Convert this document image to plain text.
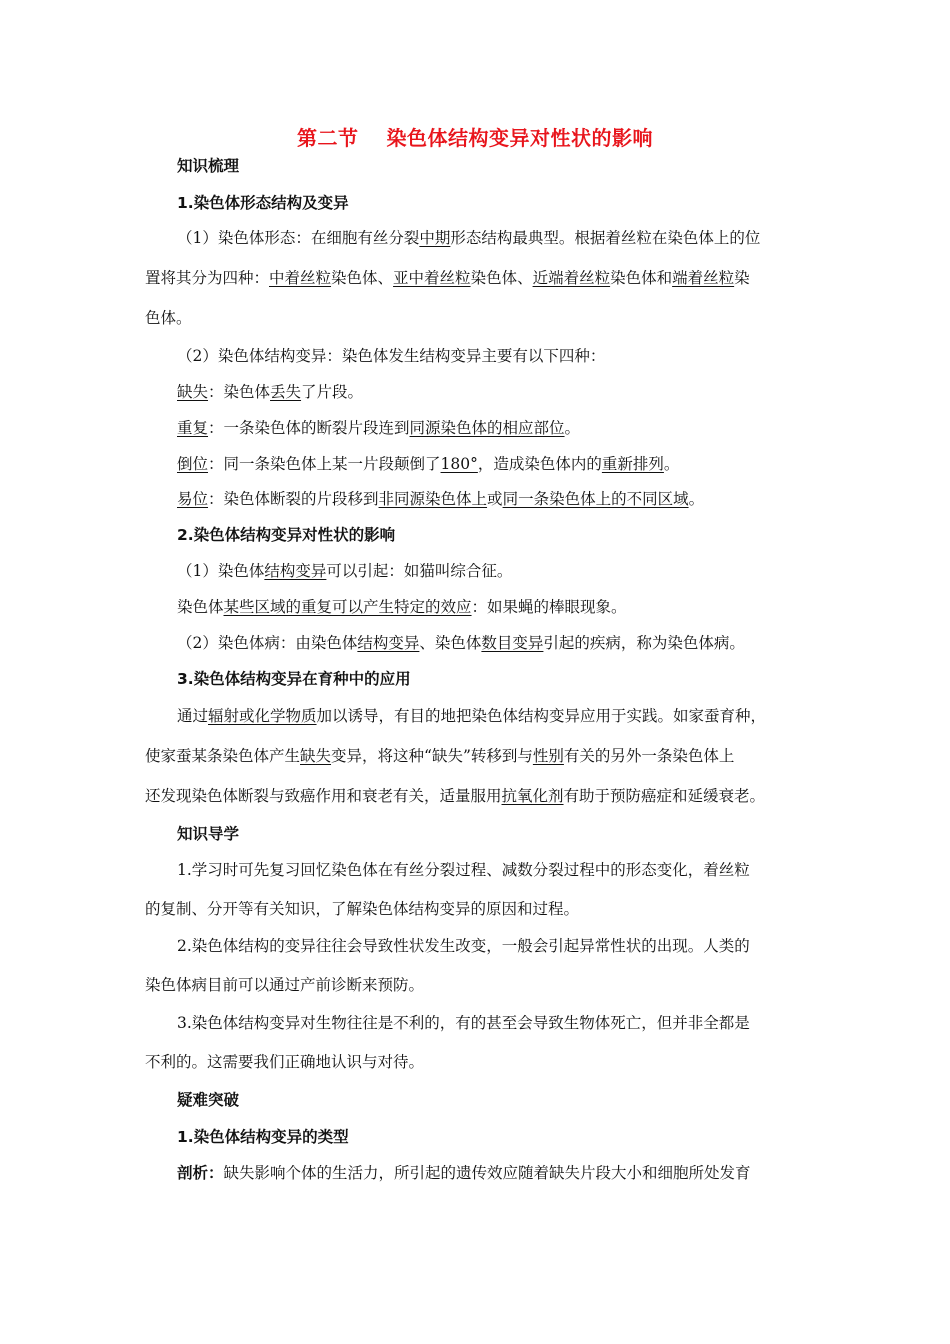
第二节 染色体结构变异对性状的影响
知识梳理
1.染色体形态结构及变异
（1）染色体形态：在细胞有丝分裂中期形态结构最典型。根据着丝粒在染色体上的位
置将其分为四种：中着丝粒染色体、亚中着丝粒染色体、近端着丝粒染色体和端着丝粒染
色体。
（2）染色体结构变异：染色体发生结构变异主要有以下四种：
缺失：染色体丢失了片段。
重复：一条染色体的断裂片段连到同源染色体的相应部位。
倒位：同一条染色体上某一片段颠倒了180°，造成染色体内的重新排列。
易位：染色体断裂的片段移到非同源染色体上或同一条染色体上的不同区域。
2.染色体结构变异对性状的影响
（1）染色体结构变异可以引起：如猫叫综合征。
染色体某些区域的重复可以产生特定的效应：如果蝇的棒眼现象。
（2）染色体病：由染色体结构变异、染色体数目变异引起的疾病，称为染色体病。
3.染色体结构变异在育种中的应用
通过辐射或化学物质加以诱导，有目的地把染色体结构变异应用于实践。如家蚕育种，
使家蚕某条染色体产生缺失变异，将这种“缺失”转移到与性别有关的另外一条染色体上
还发现染色体断裂与致癌作用和衰老有关，适量服用抗氧化剂有助于预防癌症和延缓衰老。
知识导学
1.学习时可先复习回忆染色体在有丝分裂过程、减数分裂过程中的形态变化，着丝粒
的复制、分开等有关知识，了解染色体结构变异的原因和过程。
2.染色体结构的变异往往会导致性状发生改变，一般会引起异常性状的出现。人类的
染色体病目前可以通过产前诊断来预防。
3.染色体结构变异对生物往往是不利的，有的甚至会导致生物体死亡，但并非全都是
不利的。这需要我们正确地认识与对待。
疑难突破
1.染色体结构变异的类型
剖析：缺失影响个体的生活力，所引起的遗传效应随着缺失片段大小和细胞所处发育
